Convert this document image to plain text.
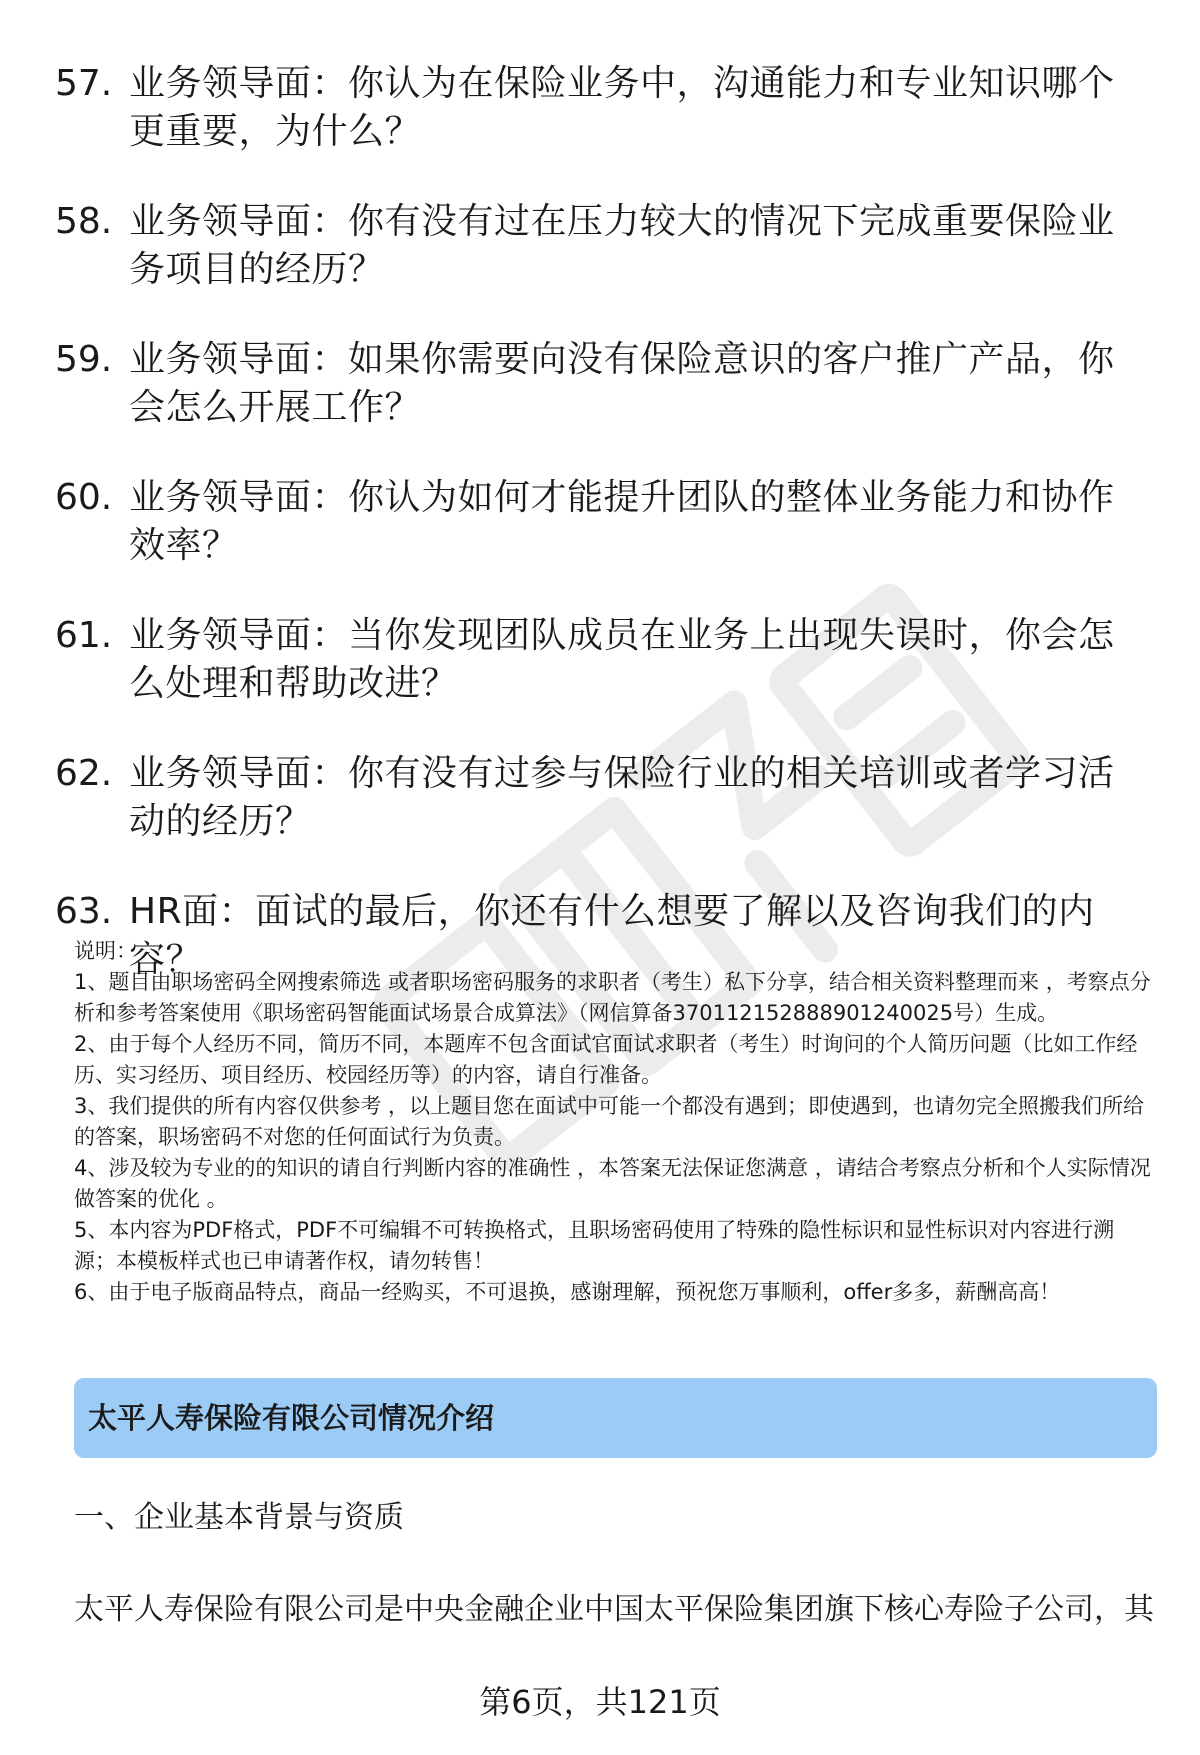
57. 业务领导面：你认为在保险业务中，沟通能力和专业知识哪个更重要，为什么？
58. 业务领导面：你有没有过在压力较大的情况下完成重要保险业务项目的经历？
59. 业务领导面：如果你需要向没有保险意识的客户推广产品，你会怎么开展工作？
60. 业务领导面：你认为如何才能提升团队的整体业务能力和协作效率？
61. 业务领导面：当你发现团队成员在业务上出现失误时，你会怎么处理和帮助改进？
62. 业务领导面：你有没有过参与保险行业的相关培训或者学习活动的经历？
63. HR面：面试的最后，你还有什么想要了解以及咨询我们的内容？
说明：
1、题目由职场密码全网搜索筛选 或者职场密码服务的求职者（考生）私下分享，结合相关资料整理而来 ，考察点分析和参考答案使用《职场密码智能面试场景合成算法》（网信算备370112152888901240025号）生成。
2、由于每个人经历不同，简历不同，本题库不包含面试官面试求职者（考生）时询问的个人简历问题（比如工作经历、实习经历、项目经历、校园经历等）的内容，请自行准备。
3、我们提供的所有内容仅供参考 ，以上题目您在面试中可能一个都没有遇到；即使遇到，也请勿完全照搬我们所给的答案，职场密码不对您的任何面试行为负责。
4、涉及较为专业的的知识的请自行判断内容的准确性 ，本答案无法保证您满意 ，请结合考察点分析和个人实际情况做答案的优化 。
5、本内容为PDF格式，PDF不可编辑不可转换格式，且职场密码使用了特殊的隐性标识和显性标识对内容进行溯源；本模板样式也已申请著作权，请勿转售！
6、由于电子版商品特点，商品一经购买，不可退换，感谢理解，预祝您万事顺利，offer多多，薪酬高高！
太平人寿保险有限公司情况介绍
一、企业基本背景与资质
太平人寿保险有限公司是中央金融企业中国太平保险集团旗下核心寿险子公司，其
第6页，共121页
